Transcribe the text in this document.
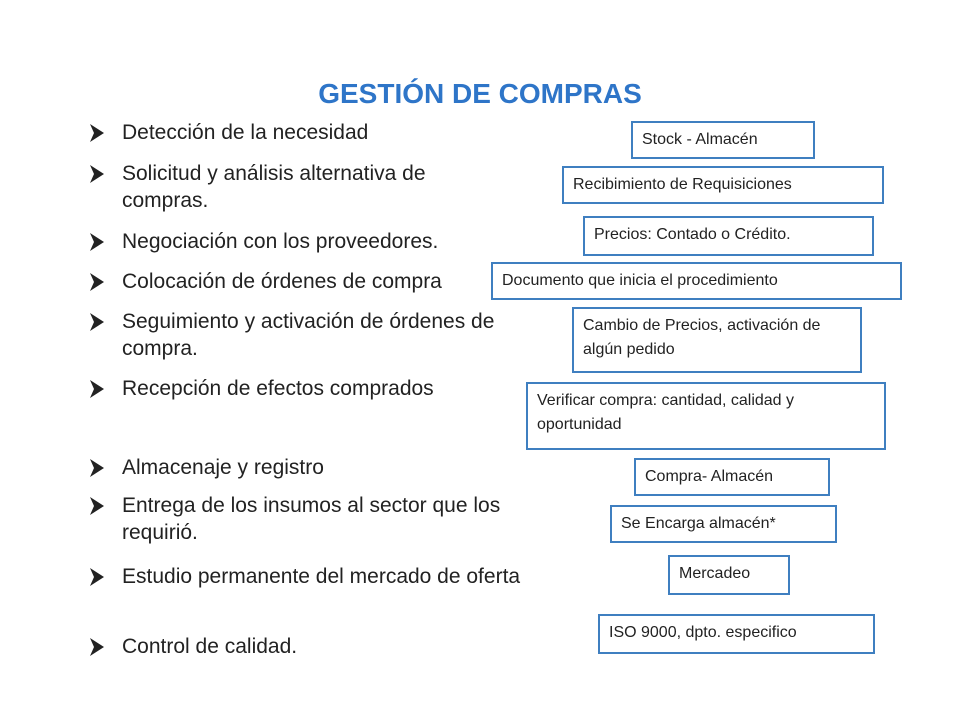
GESTIÓN DE COMPRAS
Detección de la necesidad
Solicitud y análisis alternativa de compras.
Negociación con los proveedores.
Colocación de órdenes de compra
Seguimiento y activación de órdenes de compra.
Recepción de efectos comprados
Almacenaje y registro
Entrega de los insumos al sector que los requirió.
Estudio permanente del mercado de oferta
Control de calidad.
Stock - Almacén
Recibimiento de Requisiciones
Precios: Contado o Crédito.
Documento que inicia el procedimiento
Cambio de Precios, activación de algún pedido
Verificar compra: cantidad, calidad y oportunidad
Compra- Almacén
Se Encarga almacén*
Mercadeo
ISO 9000, dpto. especifico
